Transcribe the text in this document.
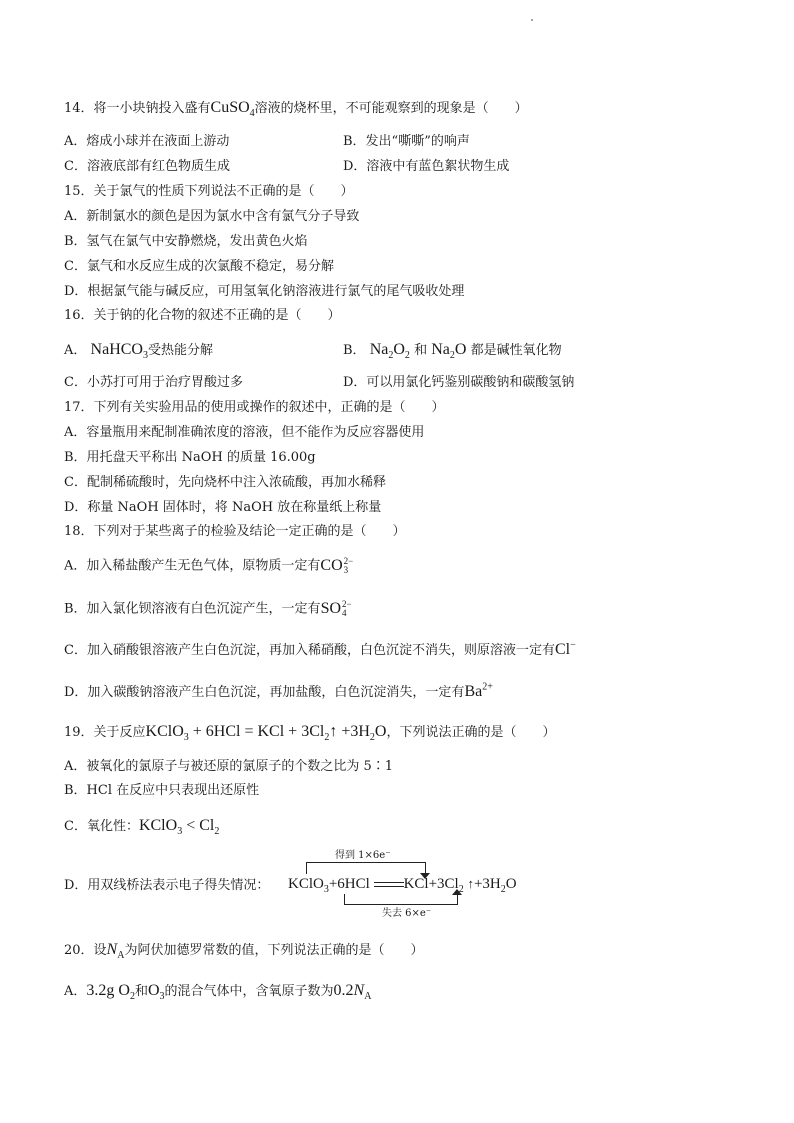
14．将一小块钠投入盛有CuSO$_4$溶液的烧杯里，不可能观察到的现象是（　　）
A．熔成小球并在液面上游动	B．发出“嘶嘶”的响声
C．溶液底部有红色物质生成	D．溶液中有蓝色絮状物生成
15．关于氯气的性质下列说法不正确的是（　　）
A．新制氯水的颜色是因为氯水中含有氯气分子导致
B．氢气在氯气中安静燃烧，发出黄色火焰
C．氯气和水反应生成的次氯酸不稳定，易分解
D．根据氯气能与碱反应，可用氢氧化钠溶液进行氯气的尾气吸收处理
16．关于钠的化合物的叙述不正确的是（　　）
A． NaHCO$_3$受热能分解	B． $Na_2O_2$ 和 $Na_2O$ 都是碱性氧化物
C．小苏打可用于治疗胃酸过多	D．可以用氯化钙鉴别碳酸钠和碳酸氢钠
17．下列有关实验用品的使用或操作的叙述中，正确的是（　　）
A．容量瓶用来配制准确浓度的溶液，但不能作为反应容器使用
B．用托盘天平称出 NaOH 的质量 16.00g
C．配制稀硫酸时，先向烧杯中注入浓硫酸，再加水稀释
D．称量 NaOH 固体时，将 NaOH 放在称量纸上称量
18．下列对于某些离子的检验及结论一定正确的是（　　）
A．加入稀盐酸产生无色气体，原物质一定有CO 2−
3
B．加入氯化钡溶液有白色沉淀产生，一定有SO 2−
4
C．加入硝酸银溶液产生白色沉淀，再加入稀硝酸，白色沉淀不消失，则原溶液一定有Cl−
D．加入碳酸钠溶液产生白色沉淀，再加盐酸，白色沉淀消失，一定有$Ba^{2+}$
19．关于反应KClO$_3$ + 6HCl = KCl + $3Cl_2↑ +3H_2O$，下列说法正确的是（　　）
A．被氧化的氯原子与被还原的氯原子的个数之比为 5∶1
B．HCl 在反应中只表现出还原性
C．氧化性：KClO$_3$ < $Cl_2$
D．用双线桥法表示电子得失情况：
得到 1×6e⁻
KClO$_3$+6HCl $KCl+3Cl_2$ $↑+3H_2O$
失去 6×e⁻
20．设$N_A$为阿伏加德罗常数的值，下列说法正确的是（　　）
A．3.2g $O_2$和$O_3$的混合气体中，含氧原子数为$0.2N_A$
